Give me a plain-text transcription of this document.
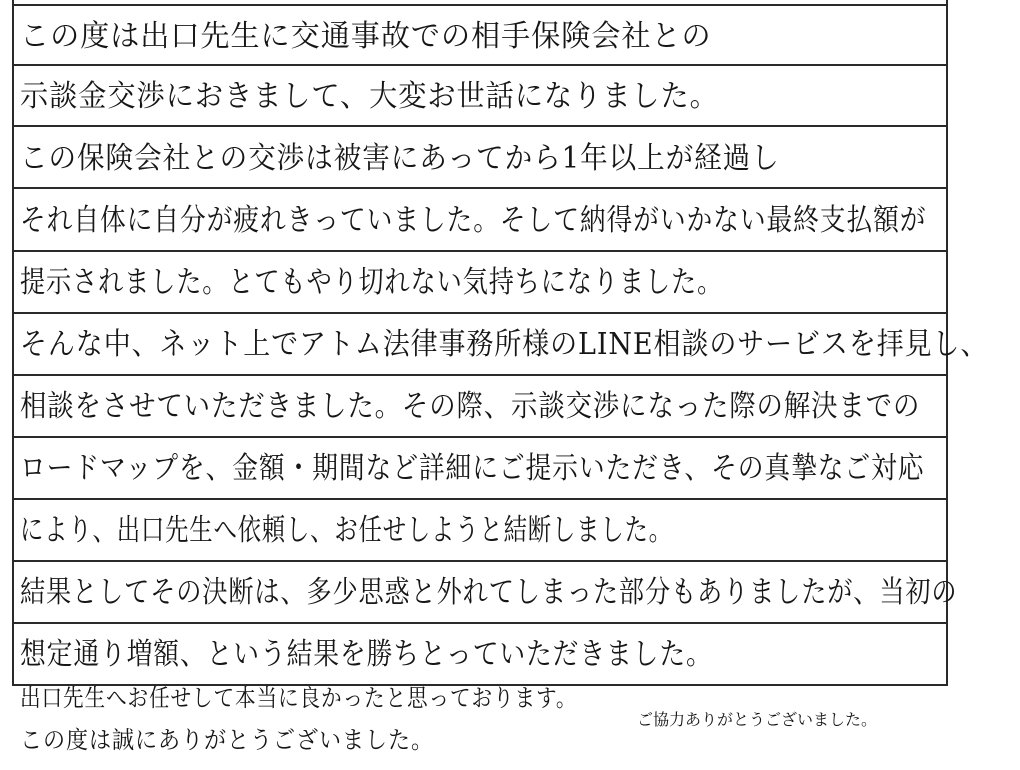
この度は出口先生に交通事故での相手保険会社との
示談金交渉におきまして、大変お世話になりました。
この保険会社との交渉は被害にあってから1年以上が経過し
それ自体に自分が疲れきっていました。そして納得がいかない最終支払額が
提示されました。とてもやり切れない気持ちになりました。
そんな中、ネット上でアトム法律事務所様のLINE相談のサービスを拝見し、
相談をさせていただきました。その際、示談交渉になった際の解決までの
ロードマップを、金額・期間など詳細にご提示いただき、その真摯なご対応
により、出口先生へ依頼し、お任せしようと結断しました。
結果としてその決断は、多少思惑と外れてしまった部分もありましたが、当初の
想定通り増額、という結果を勝ちとっていただきました。
出口先生へお任せして本当に良かったと思っております。
この度は誠にありがとうございました。
ご協力ありがとうございました。
